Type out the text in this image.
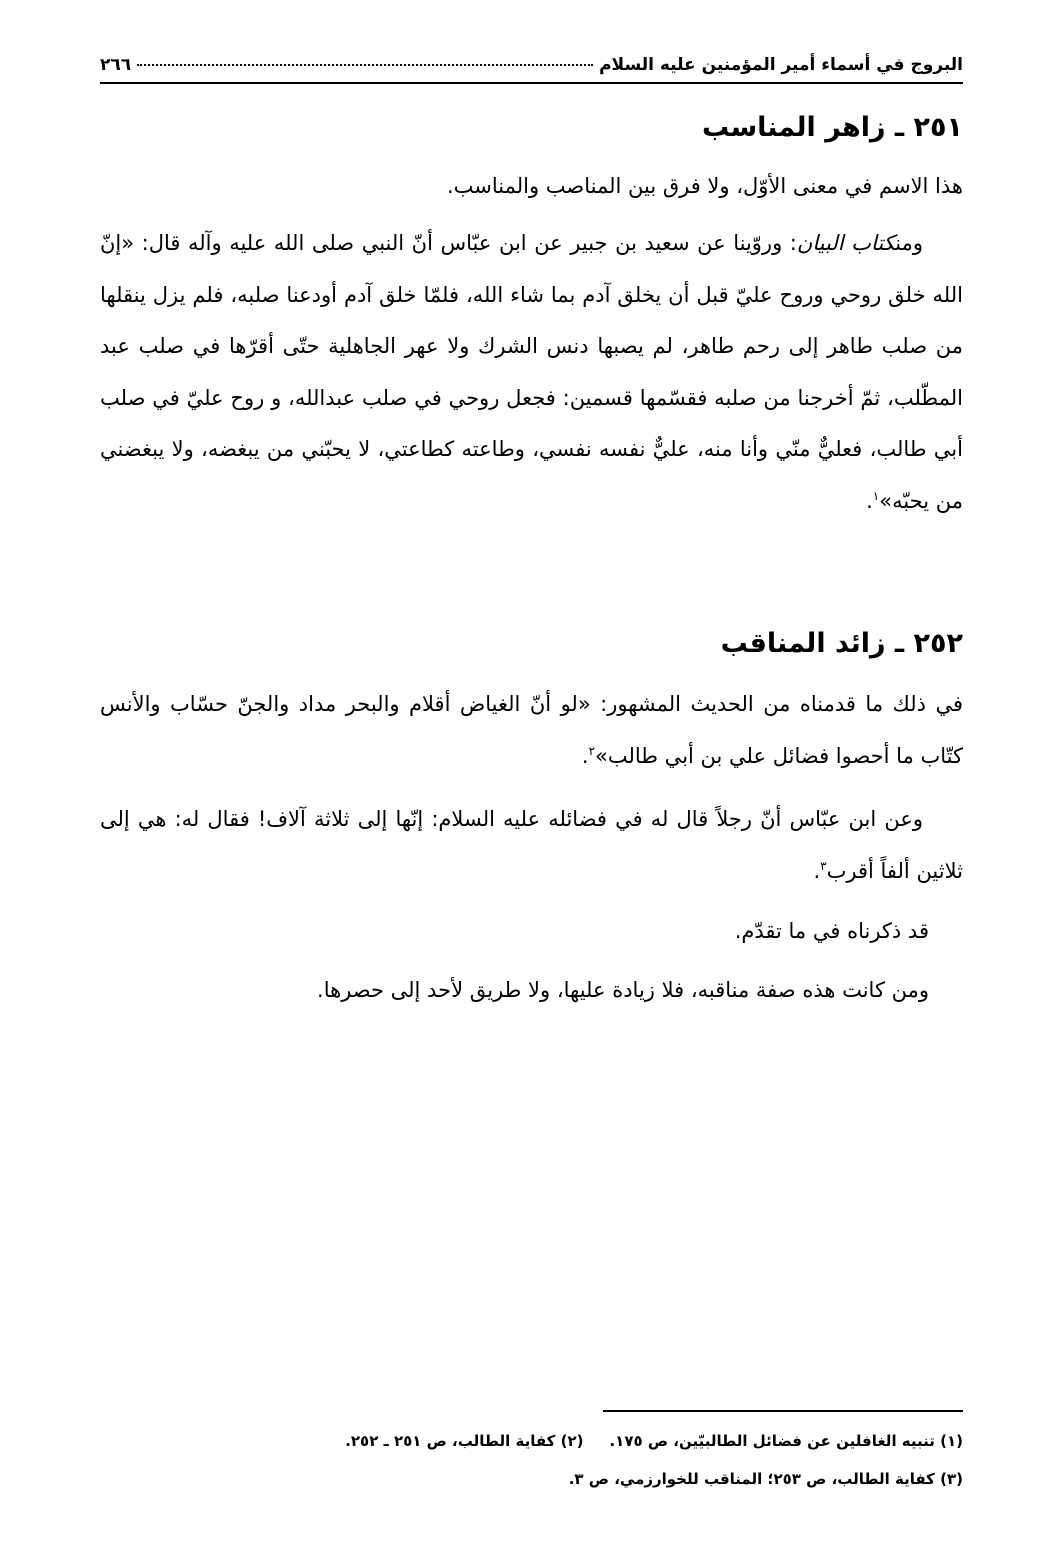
البروج في أسماء أمير المؤمنين عليه السلام
٢٦٦
٢٥١ ـ زاهر المناسب

هذا الاسم في معنى الأوّل، ولا فرق بين المناصب والمناسب.

ومنكتاب البيان: وروّينا عن سعيد بن جبير عن ابن عبّاس أنّ النبي صلى الله عليه وآله قال: «إنّ الله خلق روحي وروح عليّ قبل أن يخلق آدم بما شاء الله، فلمّا خلق آدم أودعنا صلبه، فلم يزل ينقلها من صلب طاهر إلى رحم طاهر، لم يصبها دنس الشرك ولا عهر الجاهلية حتّى أقرّها في صلب عبد المطّلب، ثمّ أخرجنا من صلبه فقسّمها قسمين: فجعل روحي في صلب عبدالله، و روح عليّ في صلب أبي طالب، فعليٌّ منّي وأنا منه، عليٌّ نفسه نفسي، وطاعته كطاعتي، لا يحبّني من يبغضه، ولا يبغضني من يحبّه»$^١$.

٢٥٢ ـ زائد المناقب

في ذلك ما قدمناه من الحديث المشهور: «لو أنّ الغياض أقلام والبحر مداد والجنّ حسّاب والأنس كتّاب ما أحصوا فضائل علي بن أبي طالب»$^٢$.

وعن ابن عبّاس أنّ رجلاً قال له في فضائله عليه السلام: إنّها إلى ثلاثة آلاف! فقال له: هي إلى ثلاثين ألفاً أقرب$^٣$.

قد ذكرناه في ما تقدّم.

ومن كانت هذه صفة مناقبه، فلا زيادة عليها، ولا طريق لأحد إلى حصرها.

(١) تنبيه الغافلين عن فضائل الطالبيّين، ص ١٧٥.(٢) كفاية الطالب، ص ٢٥١ ـ ٢٥٢.

(٣) كفاية الطالب، ص ٢٥٣؛ المناقب للخوارزمي، ص ٣.
